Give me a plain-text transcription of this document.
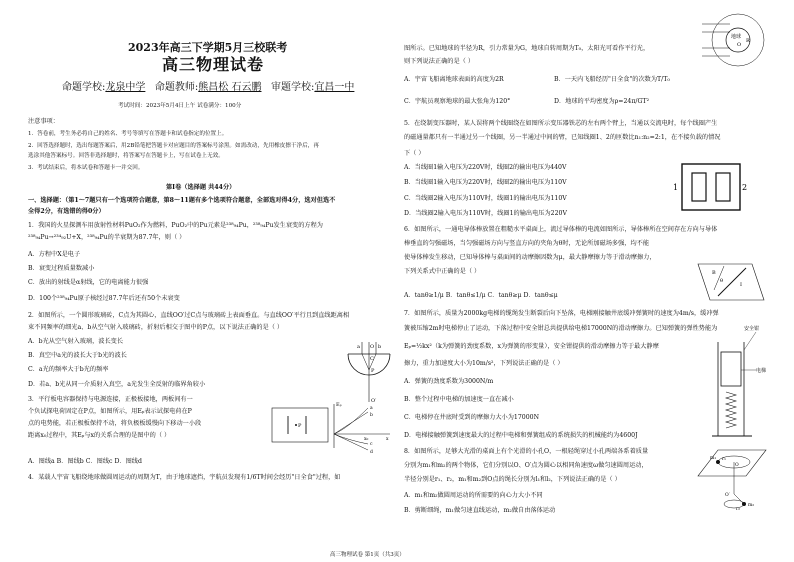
2023年高三下学期5月三校联考
高三物理试卷
命题学校:龙泉中学 命题教师:熊昌松 石云鹏 审题学校:宜昌一中
考试时间：2023年5月4日上午 试卷满分：100分
注意事项：
1．答卷前，考生务必将自己的姓名、考号等填写在答题卡和试卷指定的位置上。
2．回答选择题时，选出每题答案后，用2B铅笔把答题卡对应题目的答案标号涂黑。如需改动，先用橡皮擦干净后，再
选涂其他答案标号。回答非选择题时，将答案写在答题卡上，写在试卷上无效。
3．考试结束后，将本试卷和答题卡一并交回。
第Ⅰ卷（选择题 共44分）
一、选择题：（第1～7题只有一个选项符合题意，第8～11题有多个选项符合题意，全部选对得4分，选对但选不
全得2分，有选错的得0分）
1．我国的火星探测车用放射性材料PuO₂作为燃料，PuO₂中的Pu元素是²³⁸₉₄Pu，²³⁸₉₄Pu发生衰变的方程为
²³⁸₉₄Pu→²³⁴₉₂U+X，²³⁸₉₄Pu的半衰期为87.7年，则（ ）
A．方程中X是电子
B．衰变过程质量数减小
C．放出的射线是α射线，它的电离能力很强
D．100个²³⁸₉₄Pu原子核经过87.7年后还有50个未衰变
2．如图所示，一个圆形玻璃砖，C点为其圆心，直线OO′过C点与玻璃砖上表面垂直。与直线OO′平行且到直线距离相
束不同频率的细光a、b从空气射入玻璃砖，折射后相交于图中的P点，以下说法正确的是（ ）
A．b光从空气射入玻璃，波长变长
B．真空中a光的波长大于b光的波长
C．a光的频率大于b光的频率
D．若a、b光从同一介质射入真空，a光发生全反射的临界角较小
3．平行板电容器保持与电源连接，正极板接地，两板间有一
个负试探电荷固定在P点，如图所示，用Eₚ表示试探电荷在P
点的电势能，若正极板保持不动，将负极板缓慢向下移动一小段
距离x₀过程中，其Eₚ与x的关系合理的是图中的（ ）
A．图线a B．图线b C．图线c D．图线d
4．某载人宇宙飞船绕地球做圆周运动的周期为T，由于地球遮挡，宇航员发现有1/6T时间会经历"日全食"过程，如
a	b
O
C
P
O′
P
Eₚ
a
b
c
d
x₀	x
图所示。已知地球的半径为R，引力常量为G，地球自转周期为T₀，太阳光可看作平行光，
则下列说法正确的是（ ）
A．宇宙飞船离地球表面的高度为2R	B．一天内飞船经历"日全食"的次数为T/T₀
C．宇航员观察地球的最大张角为120°	D．地球的平均密度为ρ=24π/GT²
5．在绕制变压器时，某人误将两个线圈绕在如图所示变压器铁芯的左右两个臂上，当通以交流电时，每个线圈产生
的磁通量都只有一半通过另一个线圈，另一半通过中间的臂，已知线圈1、2的匝数比n₁:n₂=2:1，在不接负载的情况
下（ ）
A．当线圈1输入电压为220V时，线圈2的输出电压为440V
B．当线圈1输入电压为220V时，线圈2的输出电压为110V
C．当线圈2输入电压为110V时，线圈1的输出电压为110V
D．当线圈2输入电压为110V时，线圈1的输出电压为220V
6．如图所示，一通电导体棒放置在粗糙水平桌面上，流过导体棒的电流如图所示，导体棒所在空间存在方向与导体
棒垂直的匀强磁场，当匀强磁场方向与竖直方向的夹角为θ时，无论所加磁场多强，均不能
使导体棒发生移动，已知导体棒与桌面间的动摩擦因数为μ，最大静摩擦力等于滑动摩擦力，
下列关系式中正确的是（ ）
A．tanθ≥1/μ B．tanθ≤1/μ C．tanθ≥μ D．tanθ≤μ
7．如图所示，质量为2000kg电梯的缆绳发生断裂后向下坠落，电梯刚接触井底缓冲弹簧时的速度为4m/s，缓冲弹
簧被压缩2m时电梯停止了运动，下落过程中安全钳总共提供给电梯17000N的滑动摩擦力。已知弹簧的弹性势能为
Eₚ=½kx²（k为弹簧的劲度系数，x为弹簧的形变量），安全钳提供的滑动摩擦力等于最大静摩
擦力，重力加速度大小为10m/s²，下列说法正确的是（ ）
A．弹簧的劲度系数为3000N/m
B．整个过程中电梯的加速度一直在减小
C．电梯停在井底时受到的摩擦力大小为17000N
D．电梯接触弹簧到速度最大的过程中电梯和弹簧组成的系统损失的机械能约为4600J
8．如图所示，足够大光滑的桌面上有个光滑的小孔O，一根轻绳穿过小孔两端各系着质量
分别为m₁和m₂的两个物体，它们分别以O、O′点为圆心以相同角速度ω做匀速圆周运动，
半径分别是r₁、r₂，m₁和m₂到O点的绳长分别为l₁和l₂，下列说法正确的是（ ）
A．m₁和m₂做圆周运动的所需要的向心力大小不同
B．剪断细绳，m₁做匀速直线运动，m₂做自由落体运动
地球
O
R
1	2
B
θ
I
安全钳
电梯
O
m₁ r₁
O′
r₂
m₂
高三物理试卷 第1页（共3页）
